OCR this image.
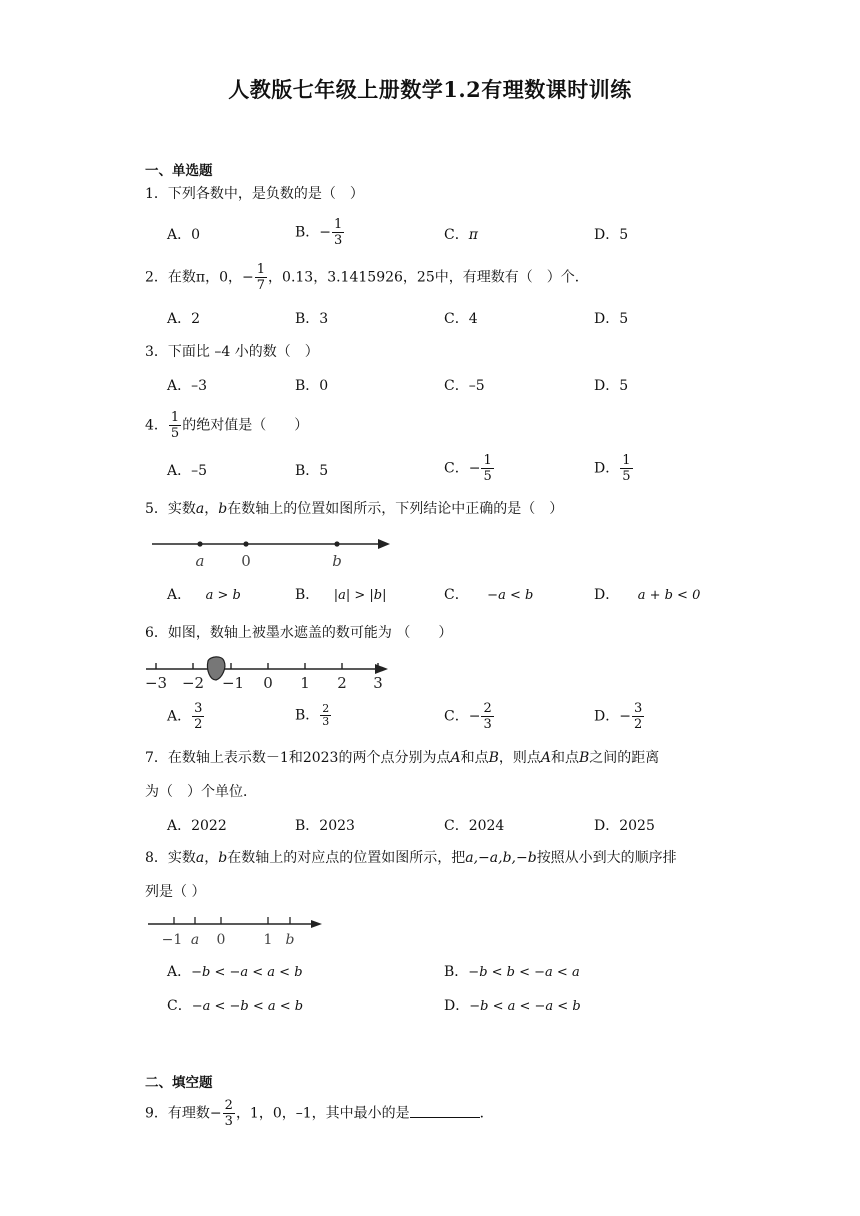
人教版七年级上册数学1.2有理数课时训练
一、单选题
1．下列各数中，是负数的是（　）
A．0	B．− $\frac{1}{3}$	C．π	D．5
2．在数π，0，− $\frac{1}{7}$ ，0.13，3.1415926，25中，有理数有（　）个．
A．2	B．3	C．4	D．5
3．下面比 –4 小的数（　）
A．–3	B．0	C．–5	D．5
4． $\frac{1}{5}$ 的绝对值是（　　）
A．–5	B．5	C．− $\frac{1}{5}$	D． $\frac{1}{5}$
5．实数a，b在数轴上的位置如图所示，下列结论中正确的是（　）
a 0	b
A． a > b	B． |a| > |b|	C． −a < b	D． a + b < 0
6．如图，数轴上被墨水遮盖的数可能为 （　　）
−3 −2 −1 0 1 2 3
A． $\frac{3}{2}$	B． $\frac{2}{3}$	C．− $\frac{2}{3}$	D．− $\frac{3}{2}$
7．在数轴上表示数－1和2023的两个点分别为点A和点B，则点A和点B之间的距离
为（　）个单位．
A．2022	B．2023	C．2024	D．2025
8．实数a，b在数轴上的对应点的位置如图所示，把a,−a,b,−b按照从小到大的顺序排
列是（ ）
−1 a 0	1 b
A．−b < −a < a < b	B．−b < b < −a < a
C．−a < −b < a < b	D．−b < a < −a < b
二、填空题
9．有理数− $\frac{2}{3}$ ，1，0，–1，其中最小的是	．
